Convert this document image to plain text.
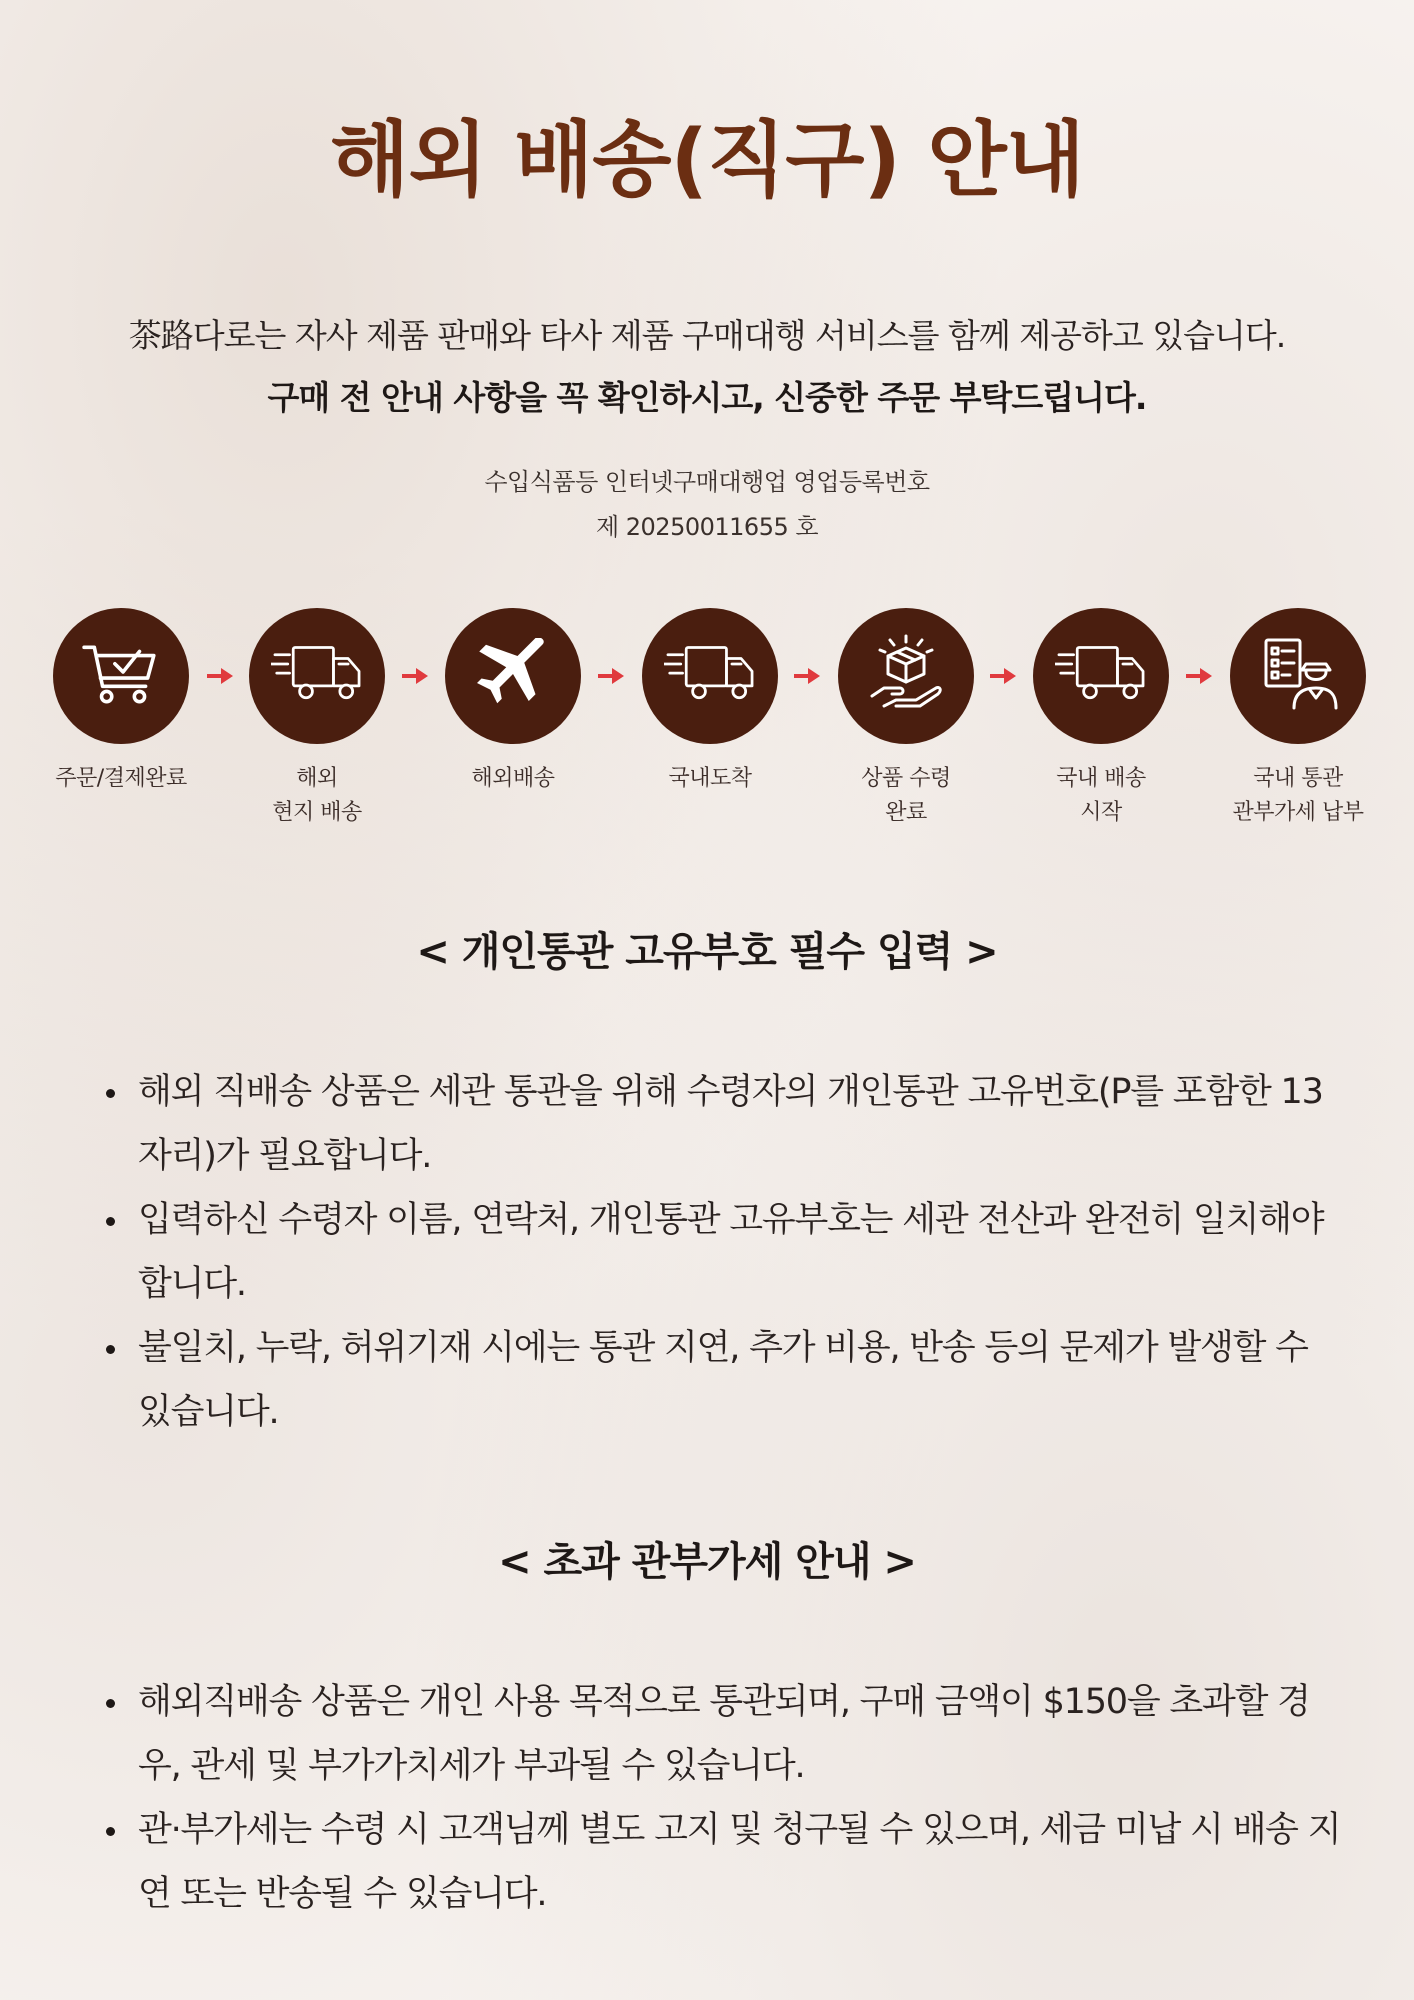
해외 배송(직구) 안내
茶路다로는 자사 제품 판매와 타사 제품 구매대행 서비스를 함께 제공하고 있습니다.
구매 전 안내 사항을 꼭 확인하시고, 신중한 주문 부탁드립니다.
수입식품등 인터넷구매대행업 영업등록번호
제 20250011655 호
주문/결제완료	해외
현지 배송
해외배송	국내도착	상품 수령
완료
국내 배송
시작
국내 통관
관부가세 납부
< 개인통관 고유부호 필수 입력 >
해외 직배송 상품은 세관 통관을 위해 수령자의 개인통관 고유번호(P를 포함한 13자리)가 필요합니다.
입력하신 수령자 이름, 연락처, 개인통관 고유부호는 세관 전산과 완전히 일치해야 합니다.
불일치, 누락, 허위기재 시에는 통관 지연, 추가 비용, 반송 등의 문제가 발생할 수 있습니다.
< 초과 관부가세 안내 >
해외직배송 상품은 개인 사용 목적으로 통관되며, 구매 금액이 $150을 초과할 경우, 관세 및 부가가치세가 부과될 수 있습니다.
관·부가세는 수령 시 고객님께 별도 고지 및 청구될 수 있으며, 세금 미납 시 배송 지연 또는 반송될 수 있습니다.
